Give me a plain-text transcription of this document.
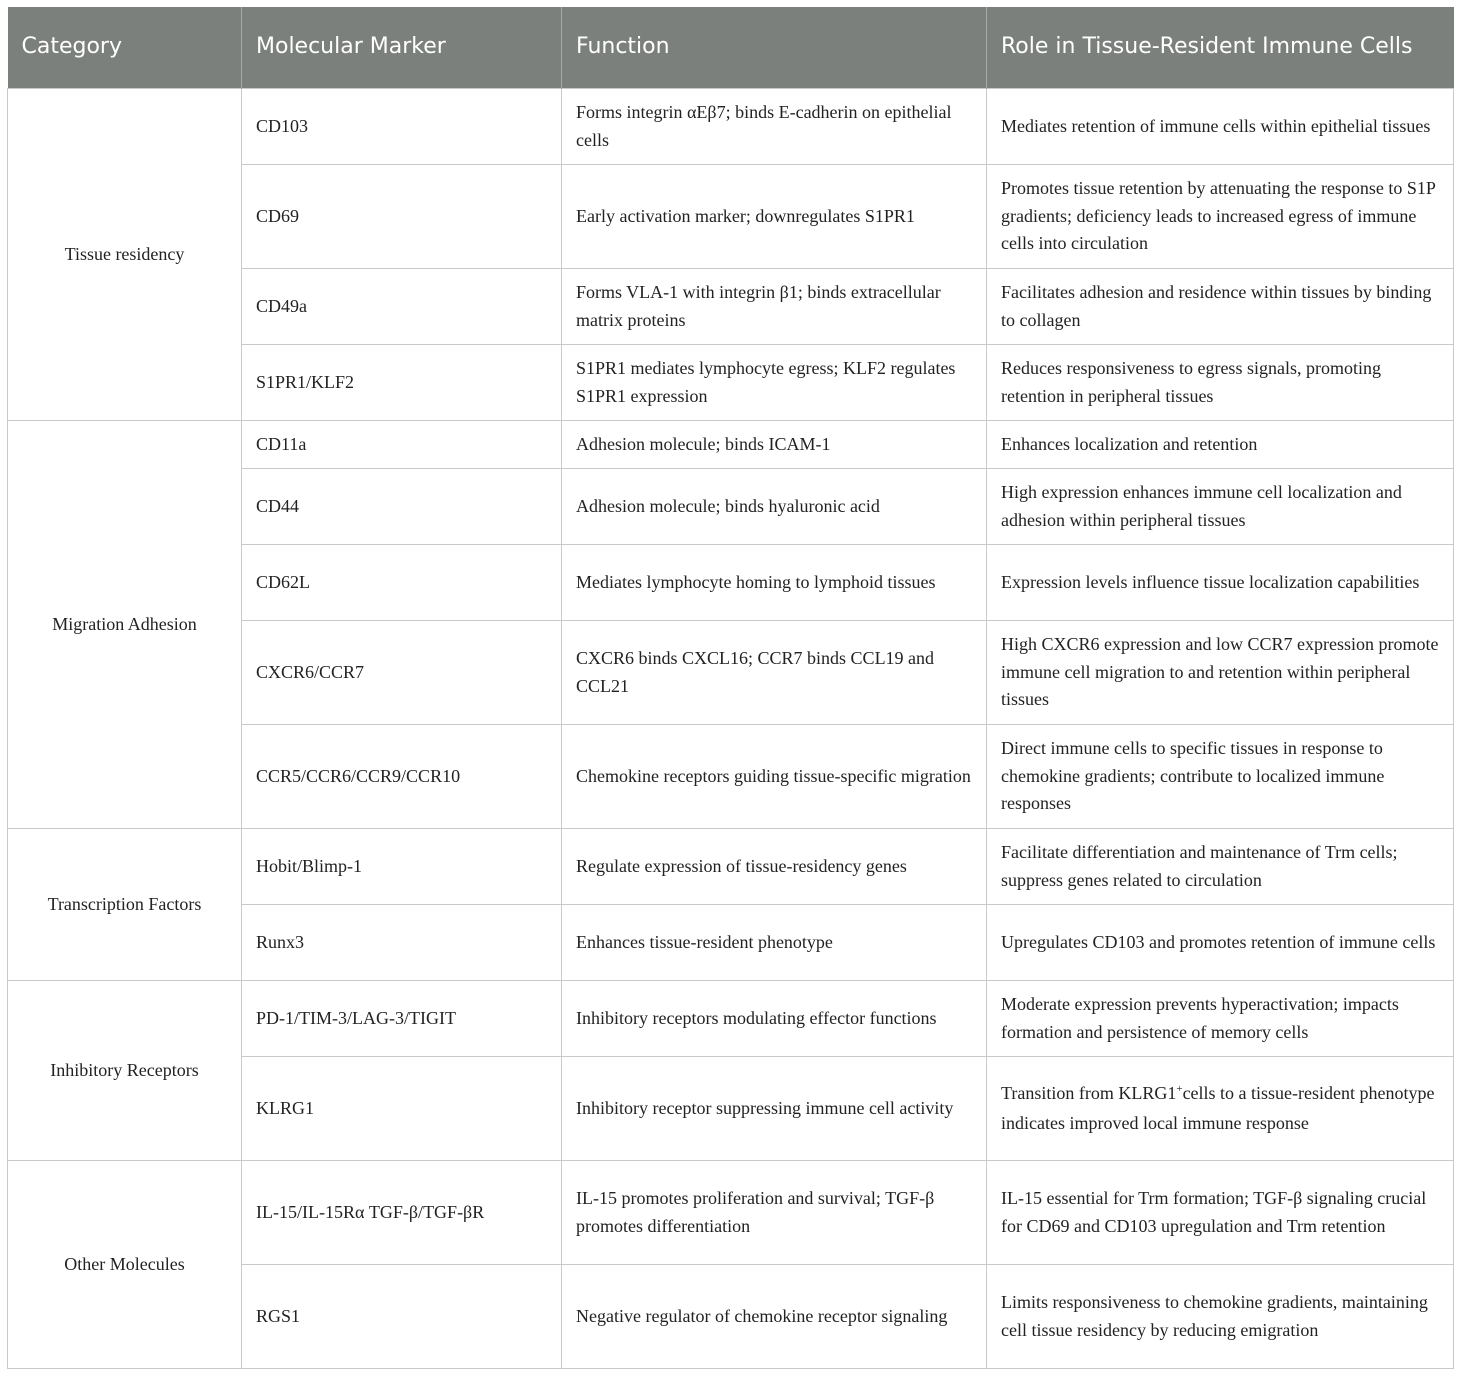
Category	Molecular Marker	Function	Role in Tissue-Resident Immune Cells
Tissue residency	CD103	Forms integrin αEβ7; binds E-cadherin on epithelial cells	Mediates retention of immune cells within epithelial tissues
	CD69	Early activation marker; downregulates S1PR1	Promotes tissue retention by attenuating the response to S1P gradients; deficiency leads to increased egress of immune cells into circulation
	CD49a	Forms VLA-1 with integrin β1; binds extracellular matrix proteins	Facilitates adhesion and residence within tissues by binding to collagen
	S1PR1/KLF2	S1PR1 mediates lymphocyte egress; KLF2 regulates S1PR1 expression	Reduces responsiveness to egress signals, promoting retention in peripheral tissues
Migration Adhesion	CD11a	Adhesion molecule; binds ICAM-1	Enhances localization and retention
	CD44	Adhesion molecule; binds hyaluronic acid	High expression enhances immune cell localization and adhesion within peripheral tissues
	CD62L	Mediates lymphocyte homing to lymphoid tissues	Expression levels influence tissue localization capabilities
	CXCR6/CCR7	CXCR6 binds CXCL16; CCR7 binds CCL19 and CCL21	High CXCR6 expression and low CCR7 expression promote immune cell migration to and retention within peripheral tissues
	CCR5/CCR6/CCR9/CCR10	Chemokine receptors guiding tissue-specific migration	Direct immune cells to specific tissues in response to chemokine gradients; contribute to localized immune responses
Transcription Factors	Hobit/Blimp-1	Regulate expression of tissue-residency genes	Facilitate differentiation and maintenance of Trm cells; suppress genes related to circulation
	Runx3	Enhances tissue-resident phenotype	Upregulates CD103 and promotes retention of immune cells
Inhibitory Receptors	PD-1/TIM-3/LAG-3/TIGIT	Inhibitory receptors modulating effector functions	Moderate expression prevents hyperactivation; impacts formation and persistence of memory cells
	KLRG1	Inhibitory receptor suppressing immune cell activity	Transition from KLRG1+cells to a tissue-resident phenotype indicates improved local immune response
Other Molecules	IL-15/IL-15Rα TGF-β/TGF-βR	IL-15 promotes proliferation and survival; TGF-β promotes differentiation	IL-15 essential for Trm formation; TGF-β signaling crucial for CD69 and CD103 upregulation and Trm retention
	RGS1	Negative regulator of chemokine receptor signaling	Limits responsiveness to chemokine gradients, maintaining cell tissue residency by reducing emigration
